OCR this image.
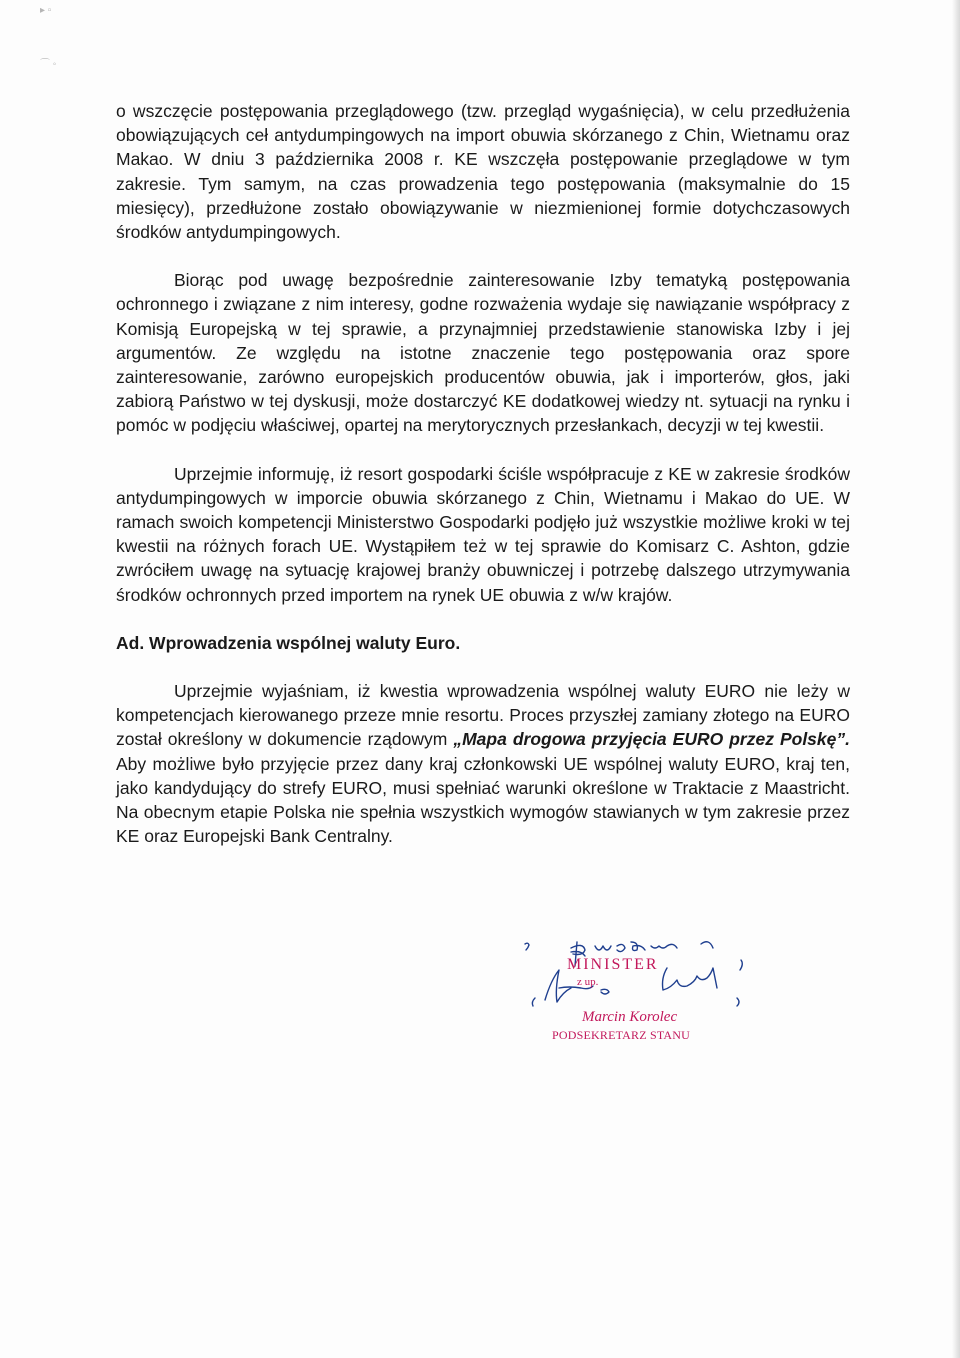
▸ ▫
⌒ ◦

o wszczęcie postępowania przeglądowego (tzw. przegląd wygaśnięcia), w celu przedłużenia obowiązujących ceł antydumpingowych na import obuwia skórzanego z Chin, Wietnamu oraz Makao. W dniu 3 października 2008 r. KE wszczęła postępowanie przeglądowe w tym zakresie. Tym samym, na czas prowadzenia tego postępowania (maksymalnie do 15 miesięcy), przedłużone zostało obowiązywanie w niezmienionej formie dotychczasowych środków antydumpingowych.

Biorąc pod uwagę bezpośrednie zainteresowanie Izby tematyką postępowania ochronnego i związane z nim interesy, godne rozważenia wydaje się nawiązanie współpracy z Komisją Europejską w tej sprawie, a przynajmniej przedstawienie stanowiska Izby i jej argumentów. Ze względu na istotne znaczenie tego postępowania oraz spore zainteresowanie, zarówno europejskich producentów obuwia, jak i importerów, głos, jaki zabiorą Państwo w tej dyskusji, może dostarczyć KE dodatkowej wiedzy nt. sytuacji na rynku i pomóc w podjęciu właściwej, opartej na merytorycznych przesłankach, decyzji w tej kwestii.

Uprzejmie informuję, iż resort gospodarki ściśle współpracuje z KE w zakresie środków antydumpingowych w imporcie obuwia skórzanego z Chin, Wietnamu i Makao do UE. W ramach swoich kompetencji Ministerstwo Gospodarki podjęło już wszystkie możliwe kroki w tej kwestii na różnych forach UE. Wystąpiłem też w tej sprawie do Komisarz C. Ashton, gdzie zwróciłem uwagę na sytuację krajowej branży obuwniczej i potrzebę dalszego utrzymywania środków ochronnych przed importem na rynek UE obuwia z w/w krajów.

Ad. Wprowadzenia wspólnej waluty Euro.

Uprzejmie wyjaśniam, iż kwestia wprowadzenia wspólnej waluty EURO nie leży w kompetencjach kierowanego przeze mnie resortu. Proces przyszłej zamiany złotego na EURO został określony w dokumencie rządowym „Mapa drogowa przyjęcia EURO przez Polskę”. Aby możliwe było przyjęcie przez dany kraj członkowski UE wspólnej waluty EURO, kraj ten, jako kandydujący do strefy EURO, musi spełniać warunki określone w Traktacie z Maastricht. Na obecnym etapie Polska nie spełnia wszystkich wymogów stawianych w tym zakresie przez KE oraz Europejski Bank Centralny.

MINISTER
z up.
Marcin Korolec
PODSEKRETARZ STANU
